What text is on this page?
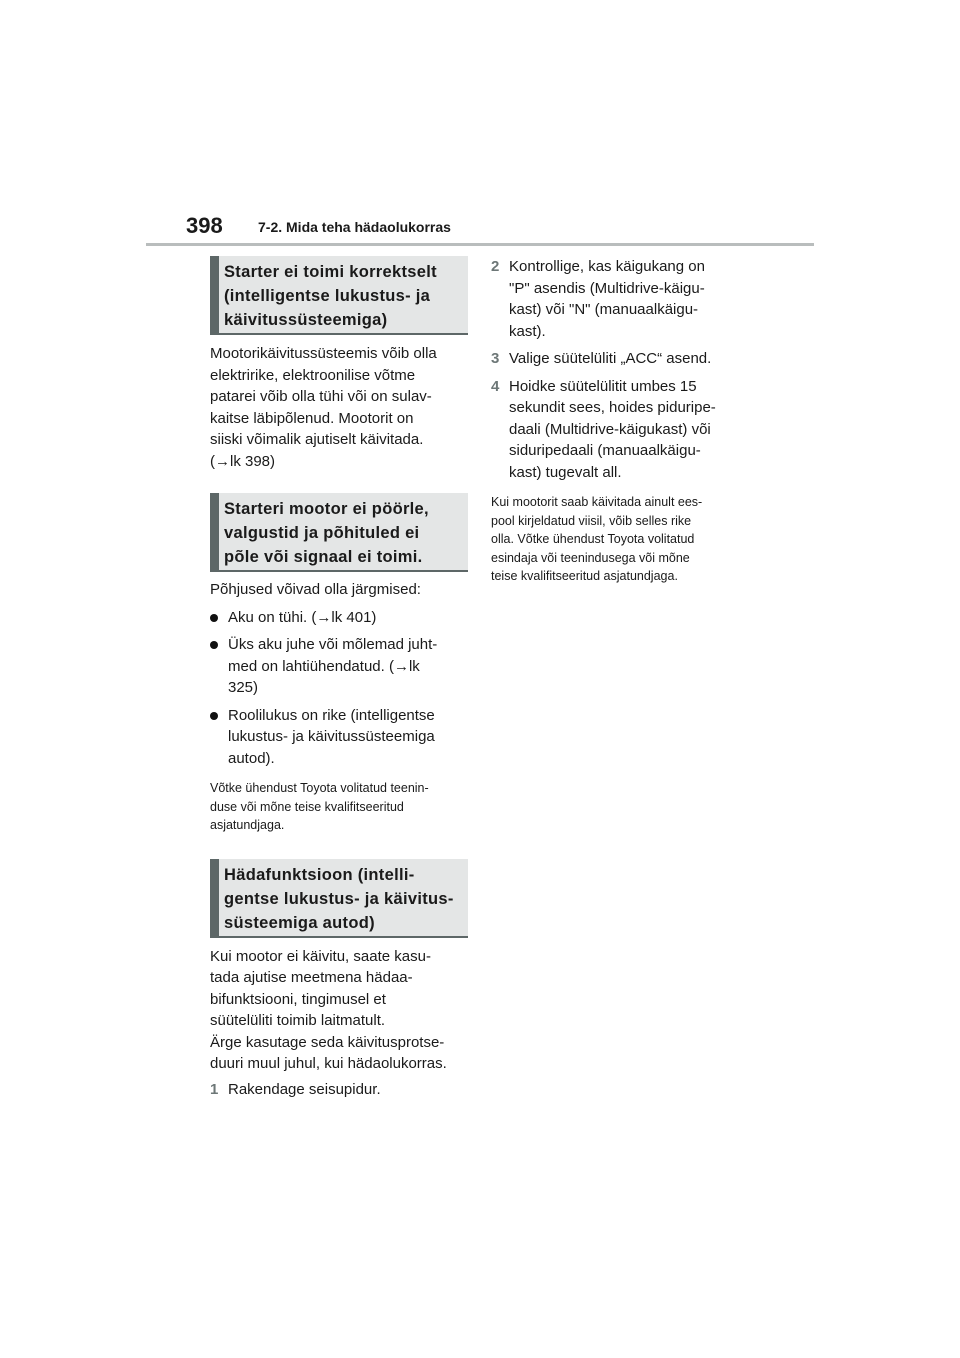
398	7-2. Mida teha hädaolukorras
Starter ei toimi korrektselt
(intelligentse lukustus- ja
käivitussüsteemiga)

Mootorikäivitussüsteemis võib olla
elektririke, elektroonilise võtme
patarei võib olla tühi või on sulav-
kaitse läbipõlenud. Mootorit on
siiski võimalik ajutiselt käivitada.
(→lk 398)

Starteri mootor ei pöörle,
valgustid ja põhituled ei
põle või signaal ei toimi.

Põhjused võivad olla järgmised:

Aku on tühi. (→lk 401)
Üks aku juhe või mõlemad juht-
med on lahtiühendatud. (→lk
325)
Roolilukus on rike (intelligentse
lukustus- ja käivitussüsteemiga
autod).

Võtke ühendust Toyota volitatud teenin-
duse või mõne teise kvalifitseeritud
asjatundjaga.

Hädafunktsioon (intelli-
gentse lukustus- ja käivitus-
süsteemiga autod)

Kui mootor ei käivitu, saate kasu-
tada ajutise meetmena hädaa-
bifunktsiooni, tingimusel et
süütelüliti toimib laitmatult.
Ärge kasutage seda käivitusprotse-
duuri muul juhul, kui hädaolukorras.

1 Rakendage seisupidur.
2 Kontrollige, kas käigukang on
"P" asendis (Multidrive-käigu-
kast) või "N" (manuaalkäigu-
kast).
3 Valige süütelüliti „ACC“ asend.
4 Hoidke süütelülitit umbes 15
sekundit sees, hoides piduripe-
daali (Multidrive-käigukast) või
siduripedaali (manuaalkäigu-
kast) tugevalt all.

Kui mootorit saab käivitada ainult ees-
pool kirjeldatud viisil, võib selles rike
olla. Võtke ühendust Toyota volitatud
esindaja või teenindusega või mõne
teise kvalifitseeritud asjatundjaga.
